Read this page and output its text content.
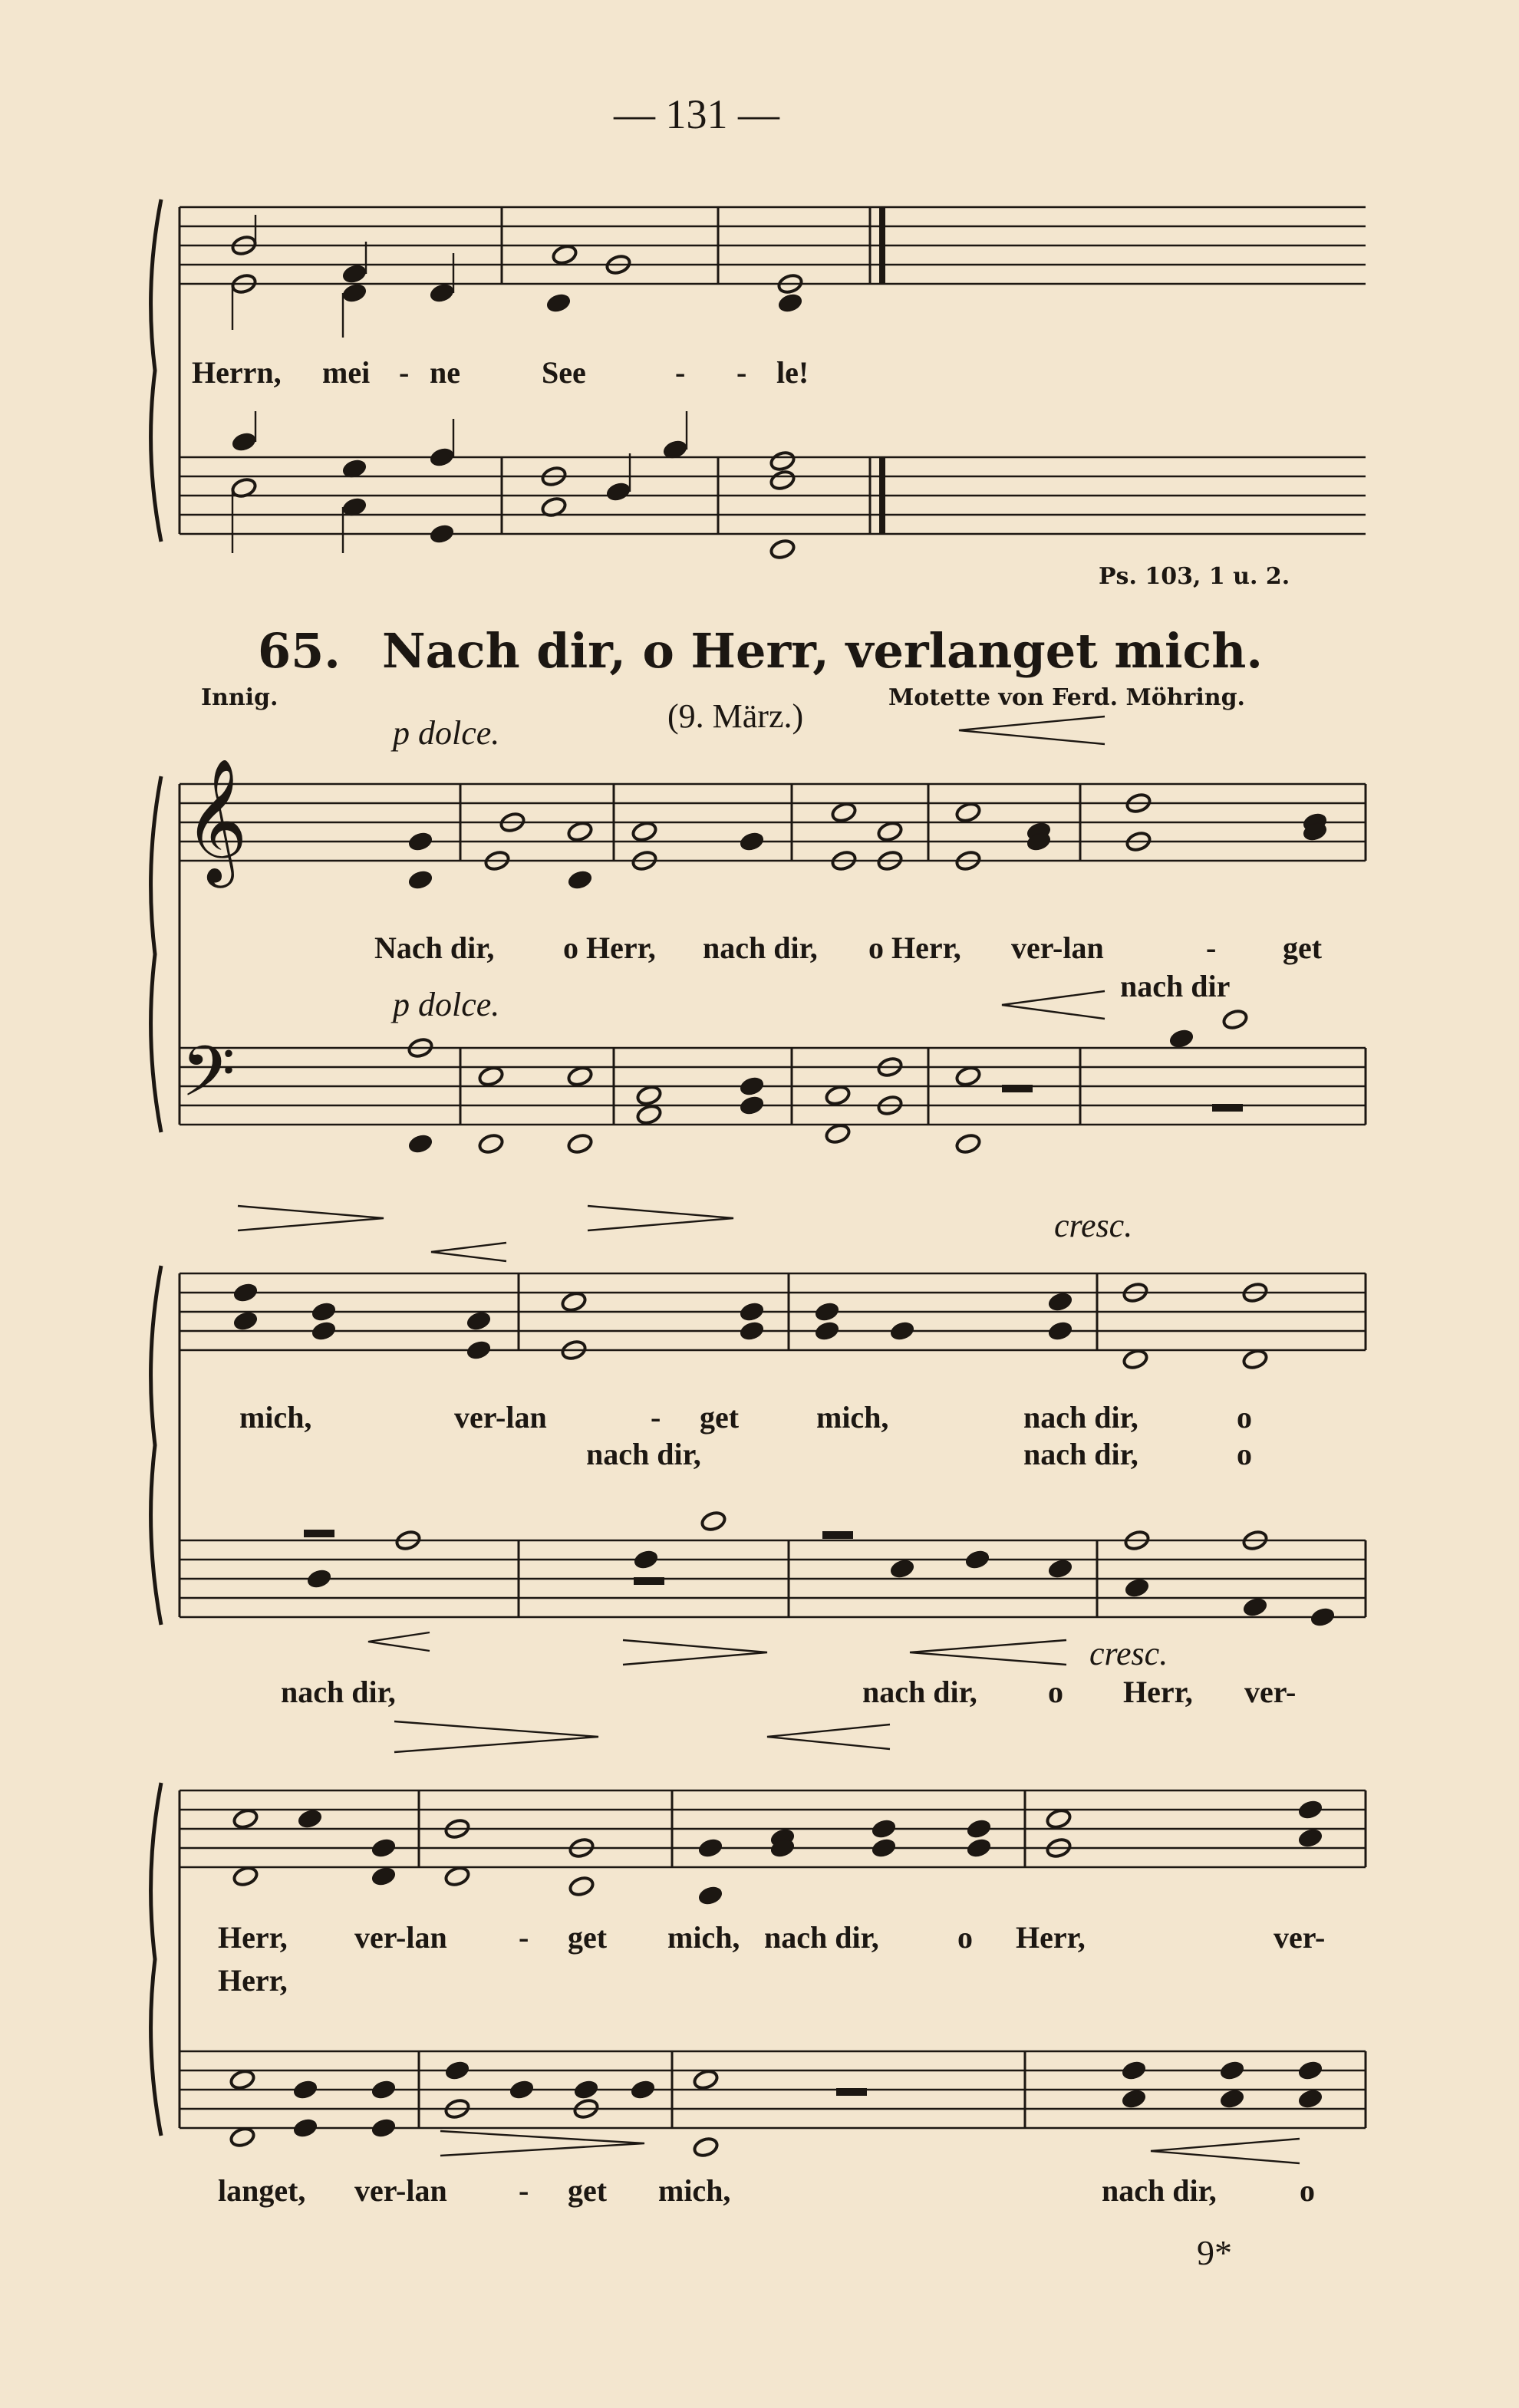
— 131 —
𝄞
𝄢
Herrn, mei - ne	See	- - le!
Ps. 103, 1 u. 2.
65. Nach dir, o Herr, verlanget mich.
Innig.	(9. März.)	Motette von Ferd. Möhring.
p dolce.
Nach dir, o Herr, nach dir, o Herr, ver-lan	- get
nach dir
p dolce.
cresc.
mich,	ver-lan	- get	mich,	nach dir,	o
nach dir,	nach dir,	o
cresc.
nach dir,	nach dir, o Herr, ver-
Herr, ver-lan - get mich, nach dir,	o Herr,	ver-
Herr,
langet, ver-lan - get mich,	nach dir,	o
9*
